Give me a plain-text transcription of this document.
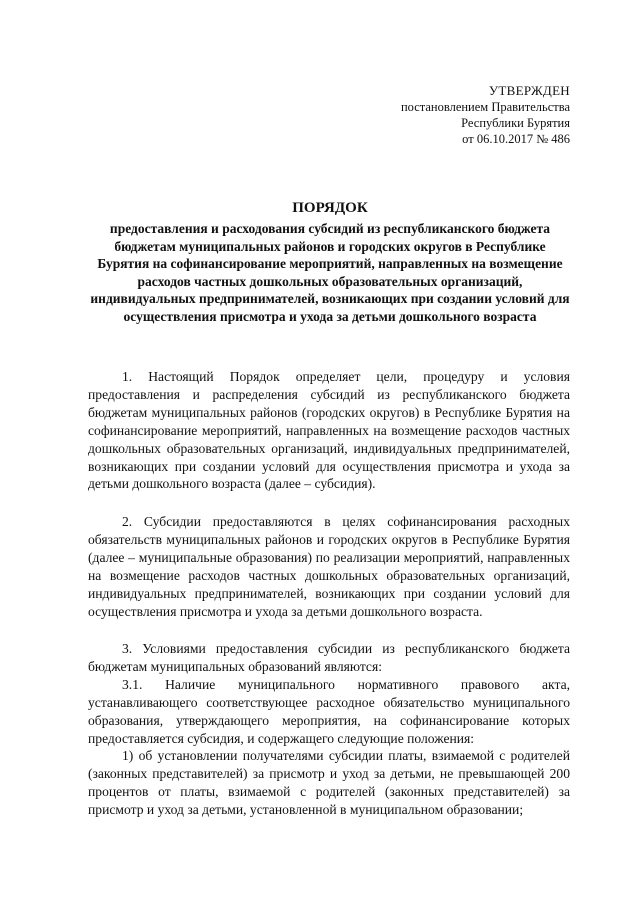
УТВЕРЖДЕН
постановлением Правительства
Республики Бурятия
от 06.10.2017 № 486
ПОРЯДОК
предоставления и расходования субсидий из республиканского бюджета бюджетам муниципальных районов и городских округов в Республике Бурятия на софинансирование мероприятий, направленных на возмещение расходов частных дошкольных образовательных организаций, индивидуальных предпринимателей, возникающих при создании условий для осуществления присмотра и ухода за детьми дошкольного возраста

1. Настоящий Порядок определяет цели, процедуру и условия предоставления и распределения субсидий из республиканского бюджета бюджетам муниципальных районов (городских округов) в Республике Бурятия на софинансирование мероприятий, направленных на возмещение расходов частных дошкольных образовательных организаций, индивидуальных предпринимателей, возникающих при создании условий для осуществления присмотра и ухода за детьми дошкольного возраста (далее – субсидия).

2. Субсидии предоставляются в целях софинансирования расходных обязательств муниципальных районов и городских округов в Республике Бурятия (далее – муниципальные образования) по реализации мероприятий, направленных на возмещение расходов частных дошкольных образовательных организаций, индивидуальных предпринимателей, возникающих при создании условий для осуществления присмотра и ухода за детьми дошкольного возраста.

3. Условиями предоставления субсидии из республиканского бюджета бюджетам муниципальных образований являются:

3.1. Наличие муниципального нормативного правового акта, устанавливающего соответствующее расходное обязательство муниципального образования, утверждающего мероприятия, на софинансирование которых предоставляется субсидия, и содержащего следующие положения:

1) об установлении получателями субсидии платы, взимаемой с родителей (законных представителей) за присмотр и уход за детьми, не превышающей 200 процентов от платы, взимаемой с родителей (законных представителей) за присмотр и уход за детьми, установленной в муниципальном образовании;
